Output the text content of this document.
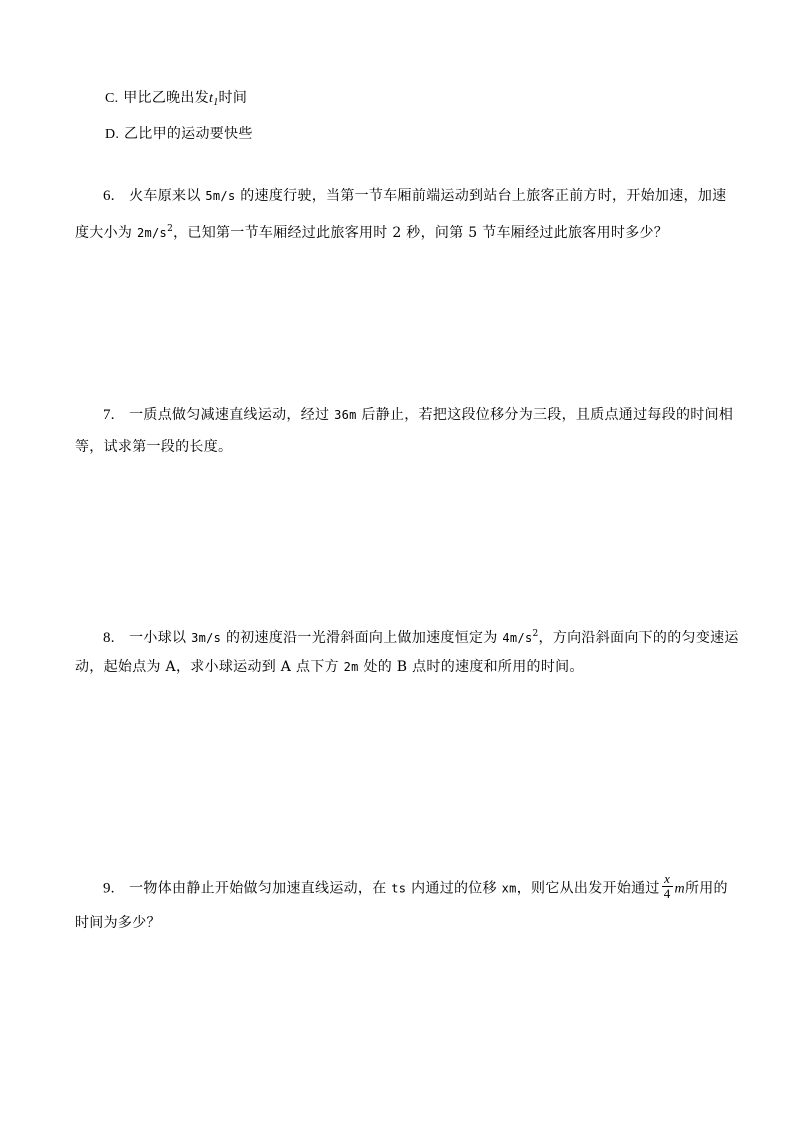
C. 甲比乙晚出发$t_1$时间
D. 乙比甲的运动要快些
6. 火车原来以 5m/s 的速度行驶，当第一节车厢前端运动到站台上旅客正前方时，开始加速，加速
度大小为 $2m/s^2$，已知第一节车厢经过此旅客用时 2 秒，问第 5 节车厢经过此旅客用时多少？
7. 一质点做匀减速直线运动，经过 36m 后静止，若把这段位移分为三段，且质点通过每段的时间相
等，试求第一段的长度。
8. 一小球以 3m/s 的初速度沿一光滑斜面向上做加速度恒定为 $4m/s^2$，方向沿斜面向下的的匀变速运
动，起始点为 A，求小球运动到 A 点下方 2m 处的 B 点时的速度和所用的时间。
9. 一物体由静止开始做匀加速直线运动，在 ts 内通过的位移 xm，则它从出发开始通过 $\frac{x}{4}$ m所用的
时间为多少？
